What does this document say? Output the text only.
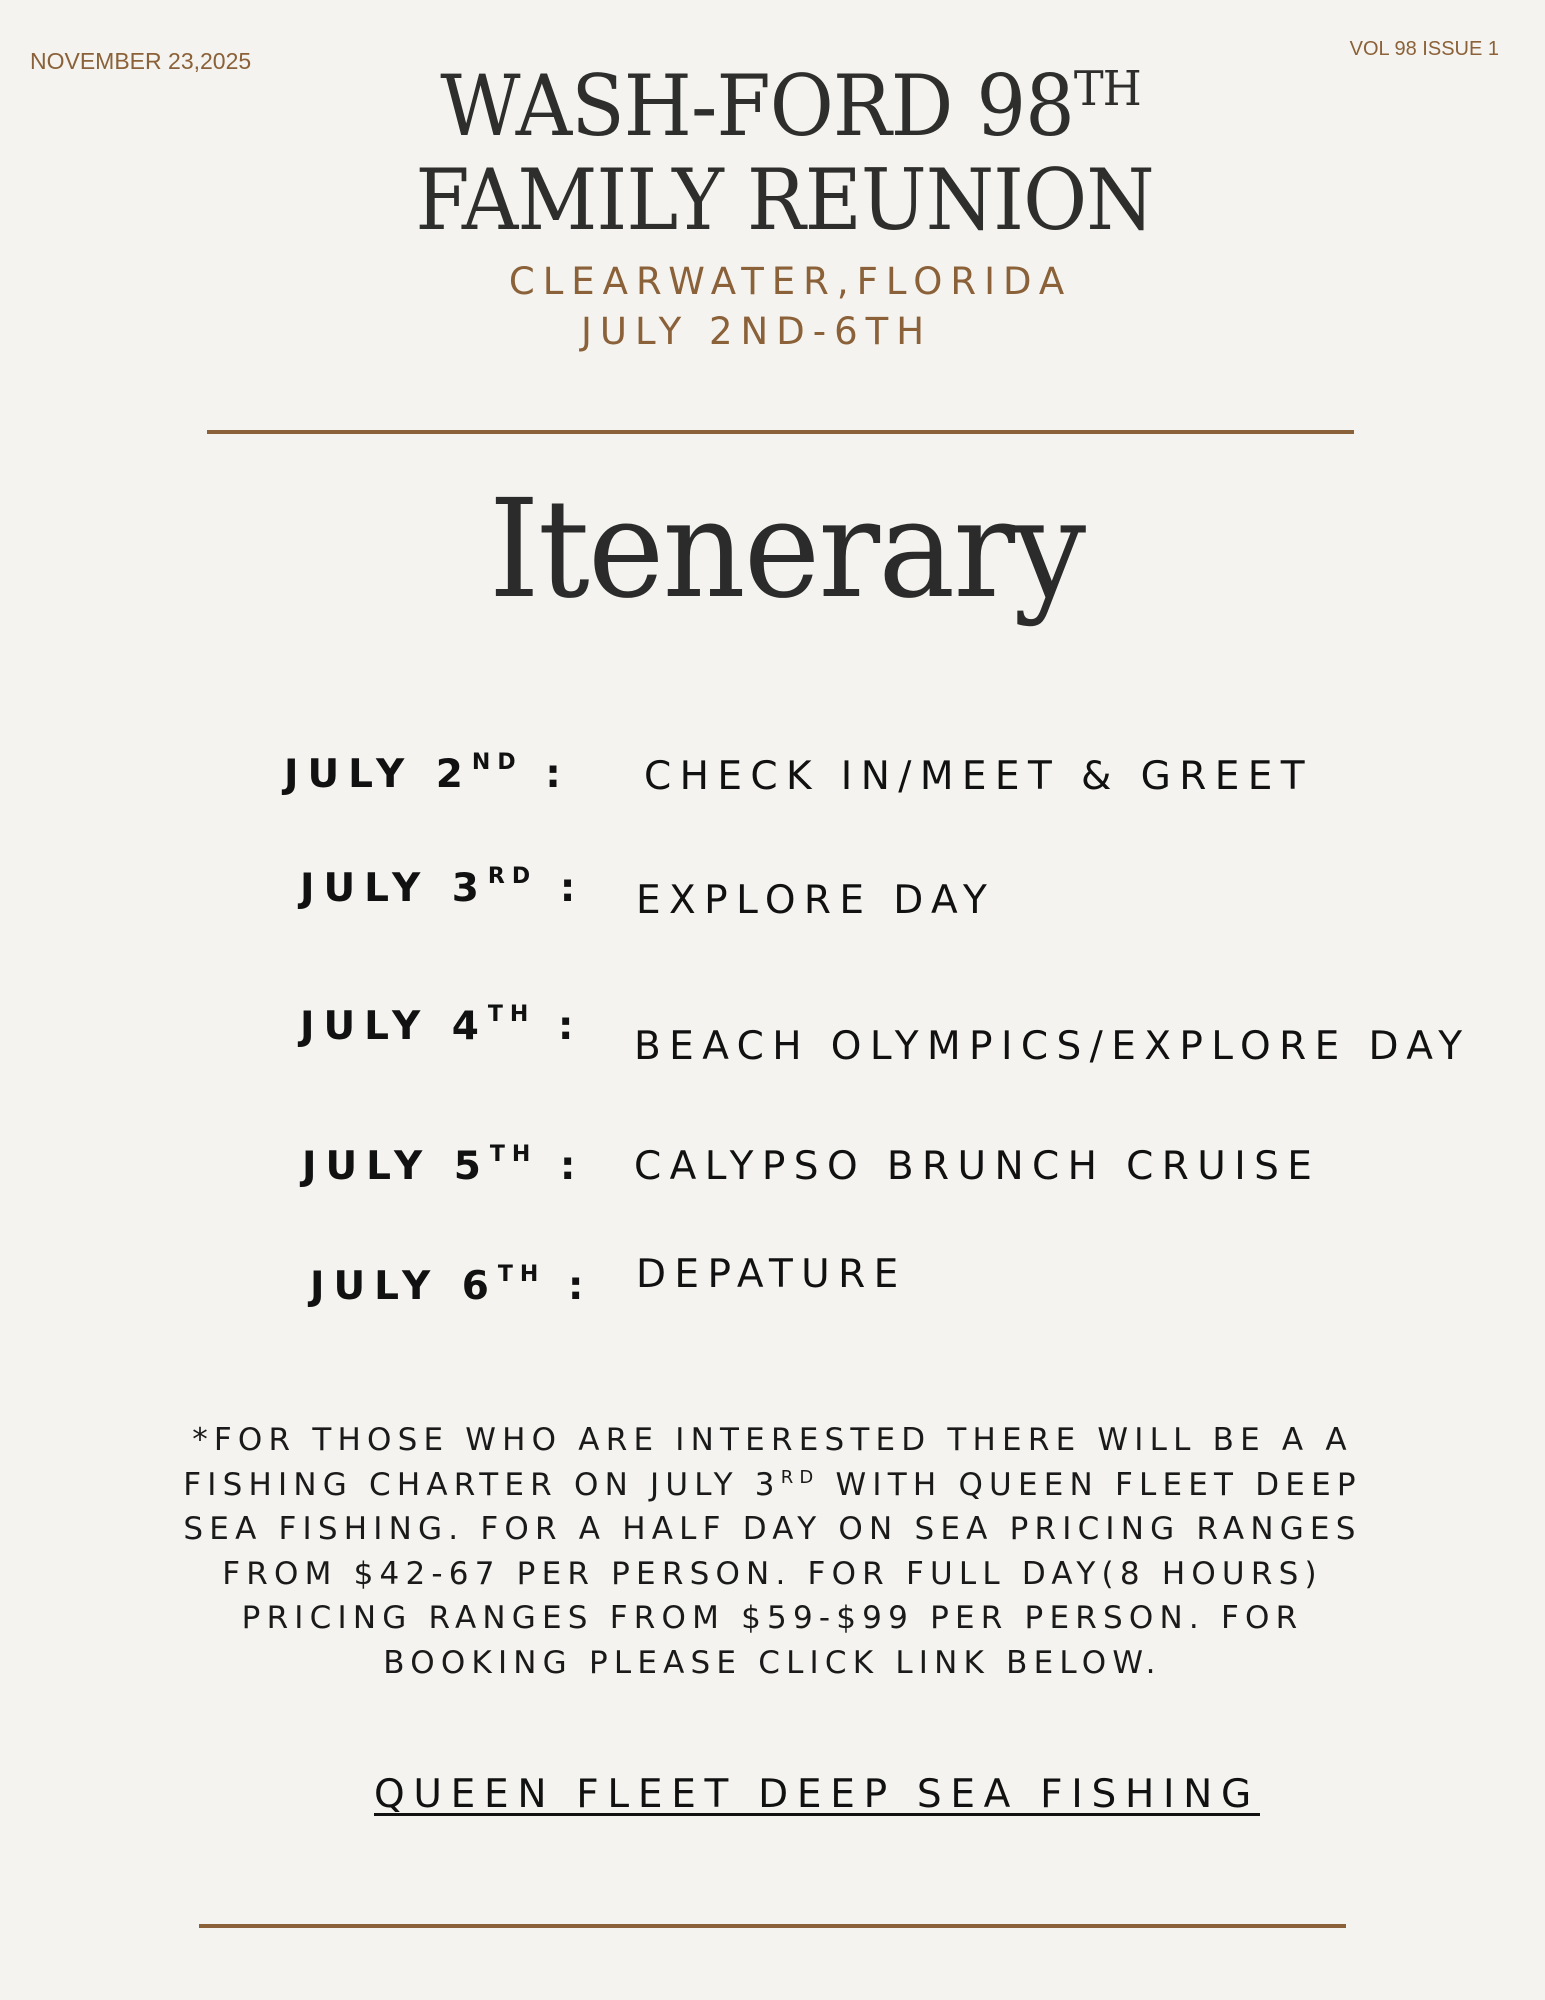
NOVEMBER 23,2025	VOL 98 ISSUE 1
WASH-FORD 98TH
FAMILY REUNION
CLEARWATER,FLORIDA
JULY 2ND-6TH
Itenerary
JULY 2ND : CHECK IN/MEET & GREET
JULY 3RD : EXPLORE DAY
JULY 4TH : BEACH OLYMPICS/EXPLORE DAY
JULY 5TH : CALYPSO BRUNCH CRUISE
JULY 6TH : DEPATURE
*FOR THOSE WHO ARE INTERESTED THERE WILL BE A A FISHING CHARTER ON JULY 3RD WITH QUEEN FLEET DEEP SEA FISHING. FOR A HALF DAY ON SEA PRICING RANGES FROM $42-67 PER PERSON. FOR FULL DAY(8 HOURS) PRICING RANGES FROM $59-$99 PER PERSON. FOR BOOKING PLEASE CLICK LINK BELOW.
QUEEN FLEET DEEP SEA FISHING
